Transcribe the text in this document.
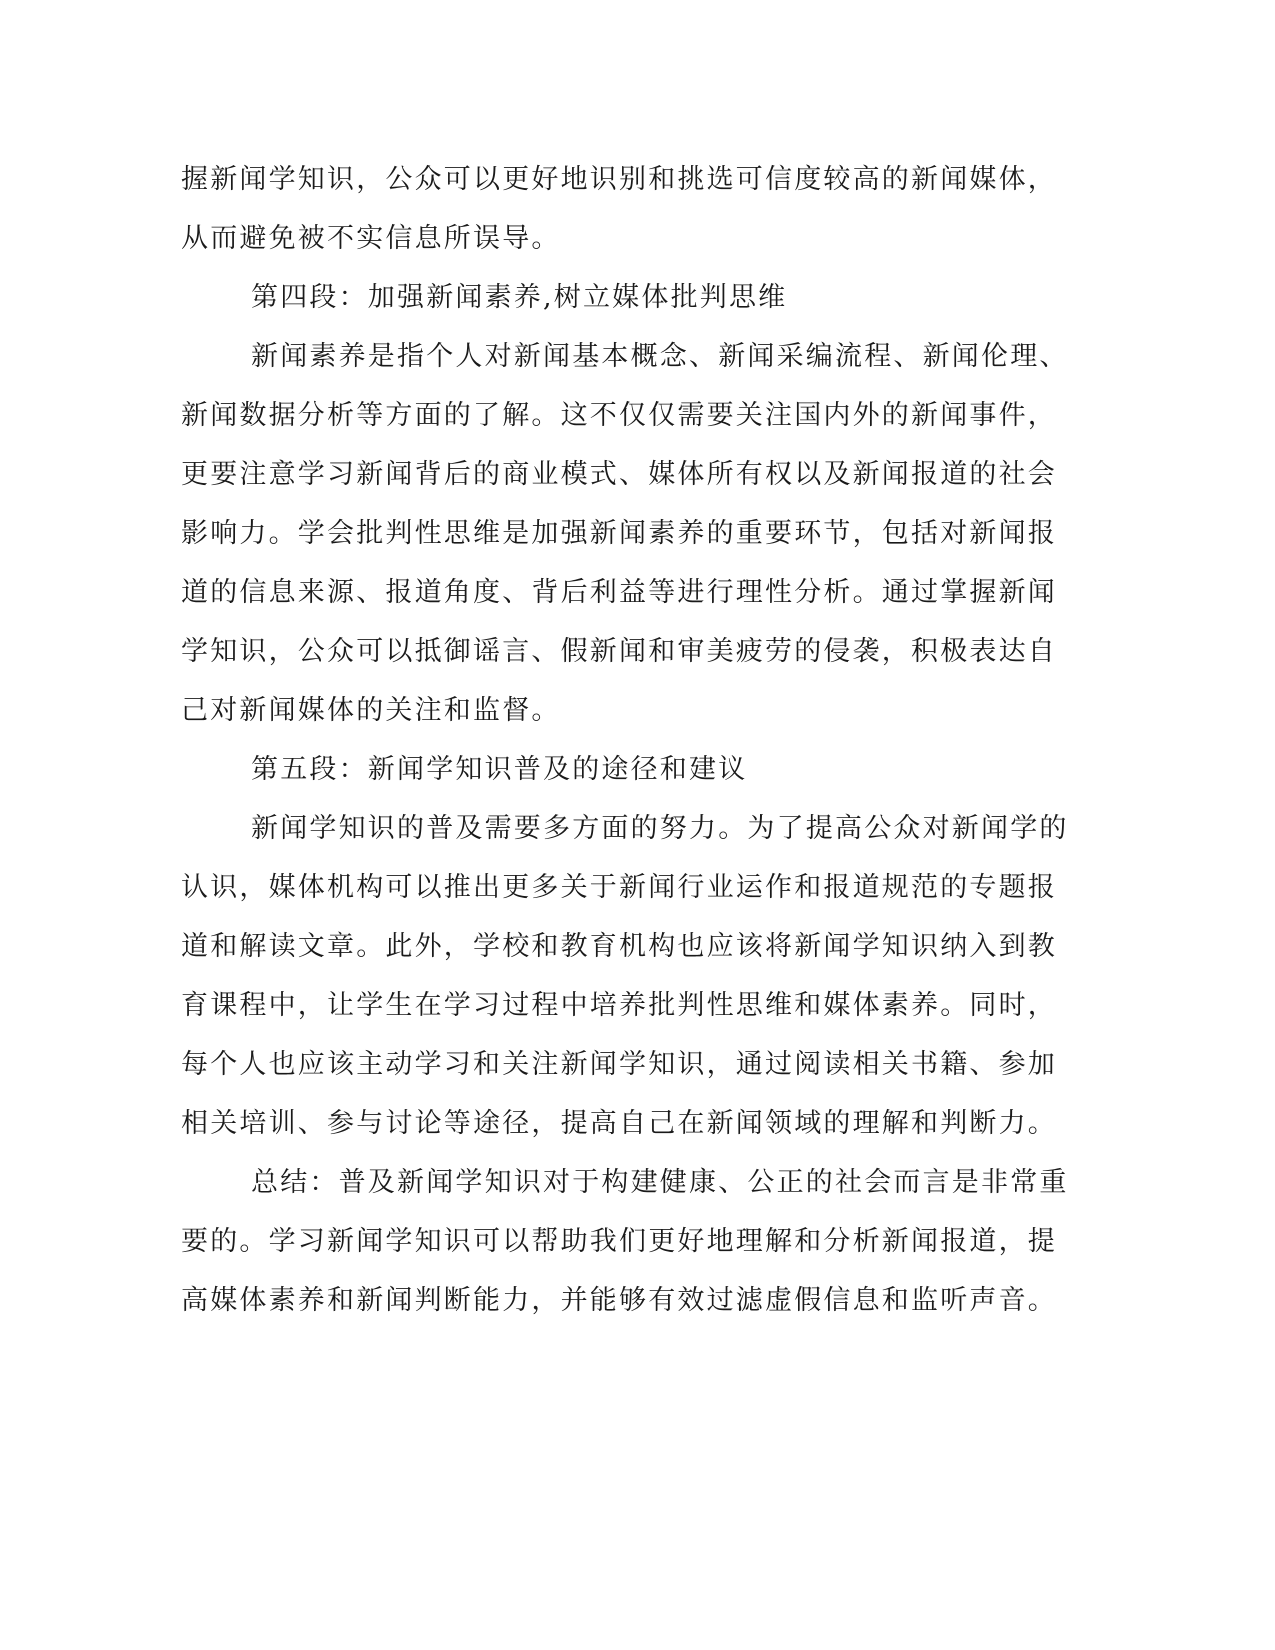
握新闻学知识，公众可以更好地识别和挑选可信度较高的新闻媒体，
从而避免被不实信息所误导。
第四段：加强新闻素养,树立媒体批判思维
新闻素养是指个人对新闻基本概念、新闻采编流程、新闻伦理、
新闻数据分析等方面的了解。这不仅仅需要关注国内外的新闻事件，
更要注意学习新闻背后的商业模式、媒体所有权以及新闻报道的社会
影响力。学会批判性思维是加强新闻素养的重要环节，包括对新闻报
道的信息来源、报道角度、背后利益等进行理性分析。通过掌握新闻
学知识，公众可以抵御谣言、假新闻和审美疲劳的侵袭，积极表达自
己对新闻媒体的关注和监督。
第五段：新闻学知识普及的途径和建议
新闻学知识的普及需要多方面的努力。为了提高公众对新闻学的
认识，媒体机构可以推出更多关于新闻行业运作和报道规范的专题报
道和解读文章。此外，学校和教育机构也应该将新闻学知识纳入到教
育课程中，让学生在学习过程中培养批判性思维和媒体素养。同时，
每个人也应该主动学习和关注新闻学知识，通过阅读相关书籍、参加
相关培训、参与讨论等途径，提高自己在新闻领域的理解和判断力。
总结：普及新闻学知识对于构建健康、公正的社会而言是非常重
要的。学习新闻学知识可以帮助我们更好地理解和分析新闻报道，提
高媒体素养和新闻判断能力，并能够有效过滤虚假信息和监听声音。
